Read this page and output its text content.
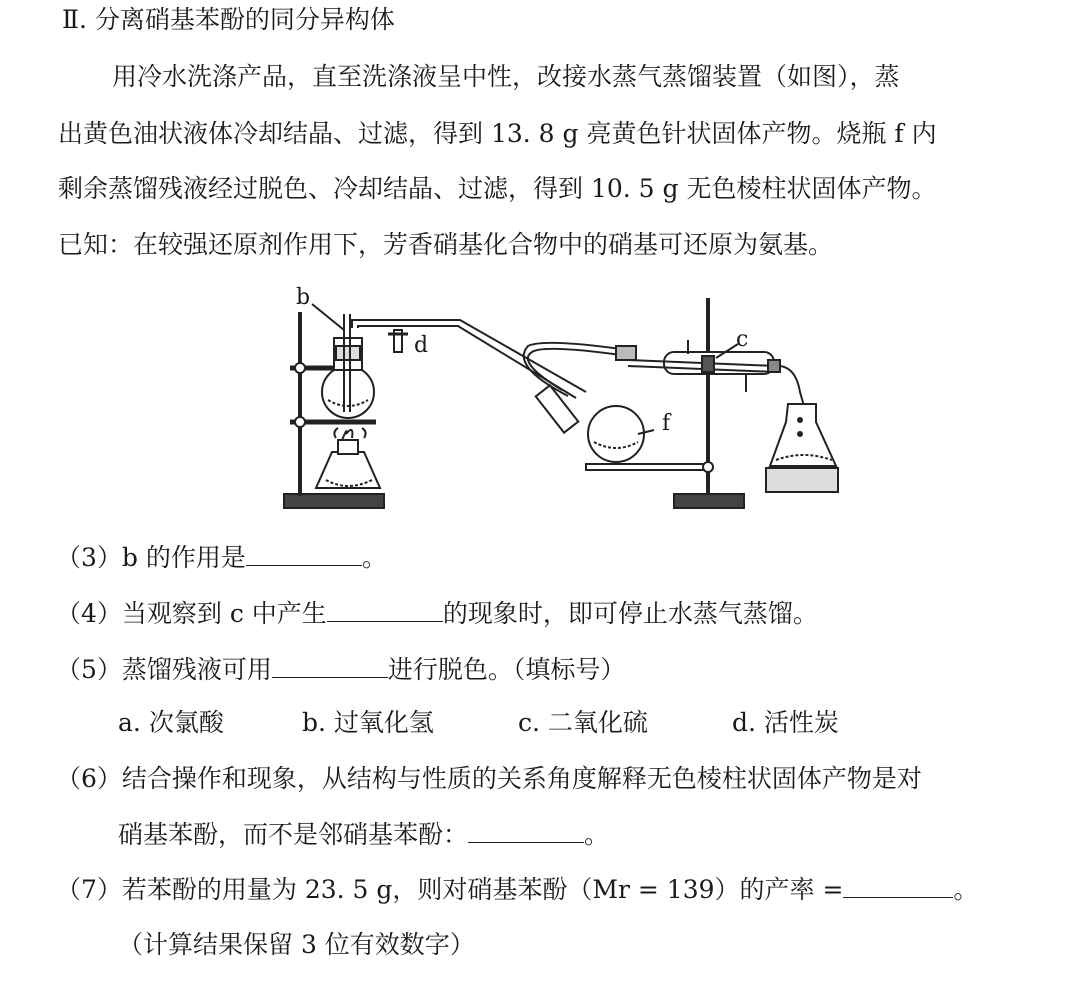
Ⅱ. 分离硝基苯酚的同分异构体
用冷水洗涤产品，直至洗涤液呈中性，改接水蒸气蒸馏装置（如图），蒸
出黄色油状液体冷却结晶、过滤，得到 13. 8 g 亮黄色针状固体产物。烧瓶 f 内
剩余蒸馏残液经过脱色、冷却结晶、过滤，得到 10. 5 g 无色棱柱状固体产物。
已知：在较强还原剂作用下，芳香硝基化合物中的硝基可还原为氨基。
b
d	c
f
（3）b 的作用是	。
（4）当观察到 c 中产生	的现象时，即可停止水蒸气蒸馏。
（5）蒸馏残液可用	进行脱色。（填标号）
a. 次氯酸	b. 过氧化氢	c. 二氧化硫	d. 活性炭
（6）结合操作和现象，从结构与性质的关系角度解释无色棱柱状固体产物是对
硝基苯酚，而不是邻硝基苯酚：	。
（7）若苯酚的用量为 23. 5 g，则对硝基苯酚（Mr = 139）的产率 =	。
（计算结果保留 3 位有效数字）
